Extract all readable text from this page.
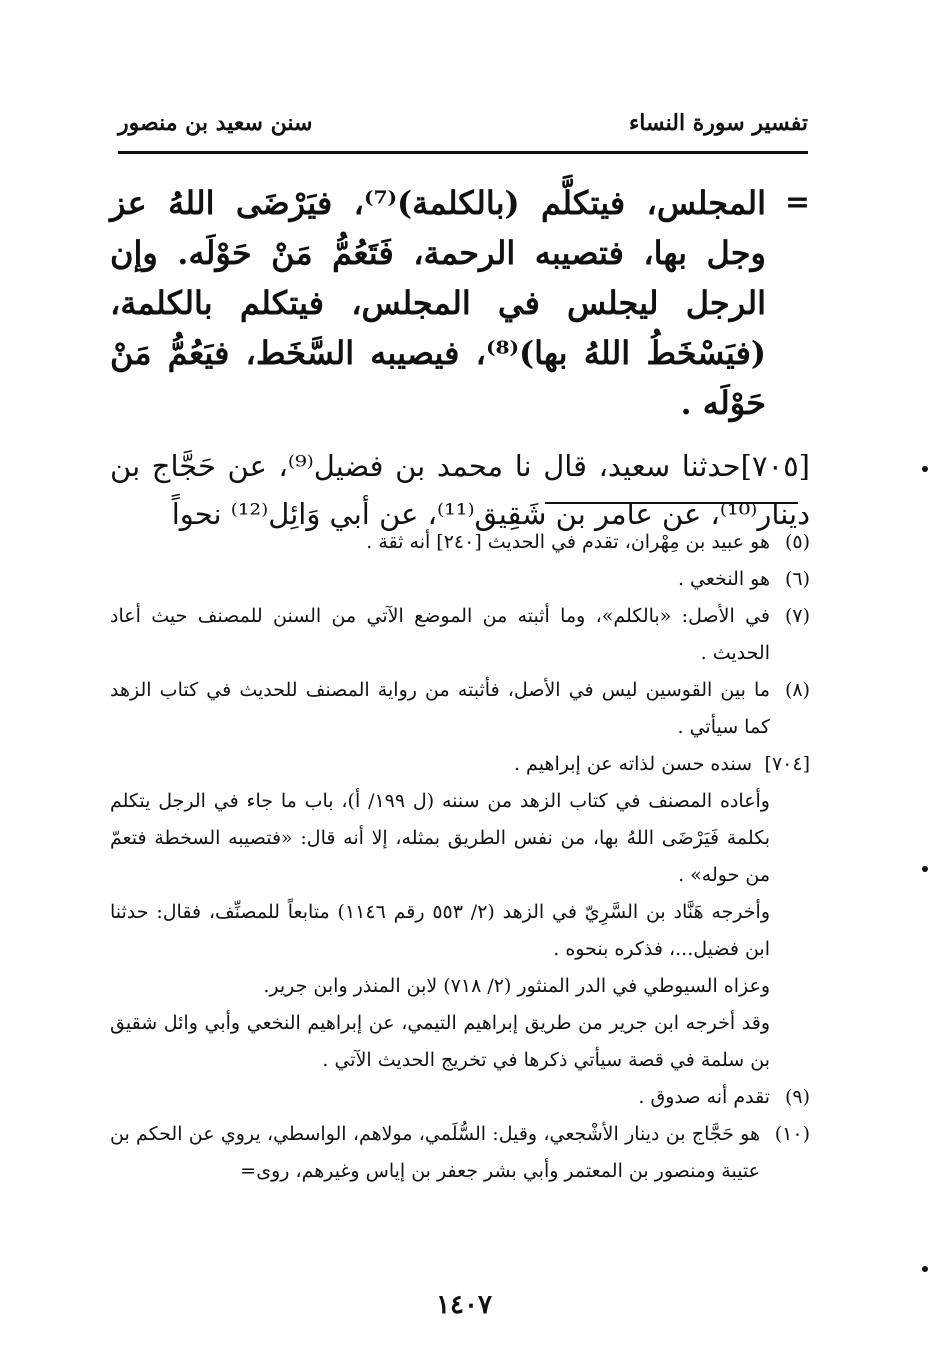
تفسير سورة النساء
سنن سعيد بن منصور
=

المجلس، فيتكلَّم (بالكلمة)⁽⁷⁾، فيَرْضَى اللهُ عز وجل بها، فتصيبه الرحمة، فَتَعُمُّ مَنْ حَوْلَه. وإن الرجل ليجلس في المجلس، فيتكلم بالكلمة، (فيَسْخَطُ اللهُ بها)⁽⁸⁾، فيصيبه السَّخَط، فيَعُمُّ مَنْ حَوْلَه .

[٧٠٥]حدثنا سعيد، قال نا محمد بن فضيل⁽⁹⁾، عن حَجَّاج بن دينار⁽¹⁰⁾، عن عامر بن شَقِيق⁽¹¹⁾، عن أبي وَائِل⁽¹²⁾ نحواً
(٥)
هو عبيد بن مِهْران، تقدم في الحديث [٢٤٠] أنه ثقة .
(٦)
هو النخعي .
(٧)
في الأصل: «بالكلم»، وما أثبته من الموضع الآتي من السنن للمصنف حيث أعاد الحديث .
(٨)
ما بين القوسين ليس في الأصل، فأثبته من رواية المصنف للحديث في كتاب الزهد كما سيأتي .
[٧٠٤]
سنده حسن لذاته عن إبراهيم .
وأعاده المصنف في كتاب الزهد من سننه (ل ١٩٩/ أ)، باب ما جاء في الرجل يتكلم بكلمة فَيَرْضَى اللهُ بها، من نفس الطريق بمثله، إلا أنه قال: «فتصيبه السخطة فتعمّ من حوله» .
وأخرجه هَنَّاد بن السَّرِيّ في الزهد (٢/ ٥٥٣ رقم ١١٤٦) متابعاً للمصنِّف، فقال: حدثنا ابن فضيل...، فذكره بنحوه .
وعزاه السيوطي في الدر المنثور (٢/ ٧١٨) لابن المنذر وابن جرير.
وقد أخرجه ابن جرير من طريق إبراهيم التيمي، عن إبراهيم النخعي وأبي وائل شقيق بن سلمة في قصة سيأتي ذكرها في تخريج الحديث الآتي .
(٩)
تقدم أنه صدوق .
(١٠)
هو حَجَّاج بن دينار الأشْجعي، وقيل: السُّلَمي، مولاهم، الواسطي، يروي عن الحكم بن عتيبة ومنصور بن المعتمر وأبي بشر جعفر بن إياس وغيرهم، روى=
١٤٠٧
